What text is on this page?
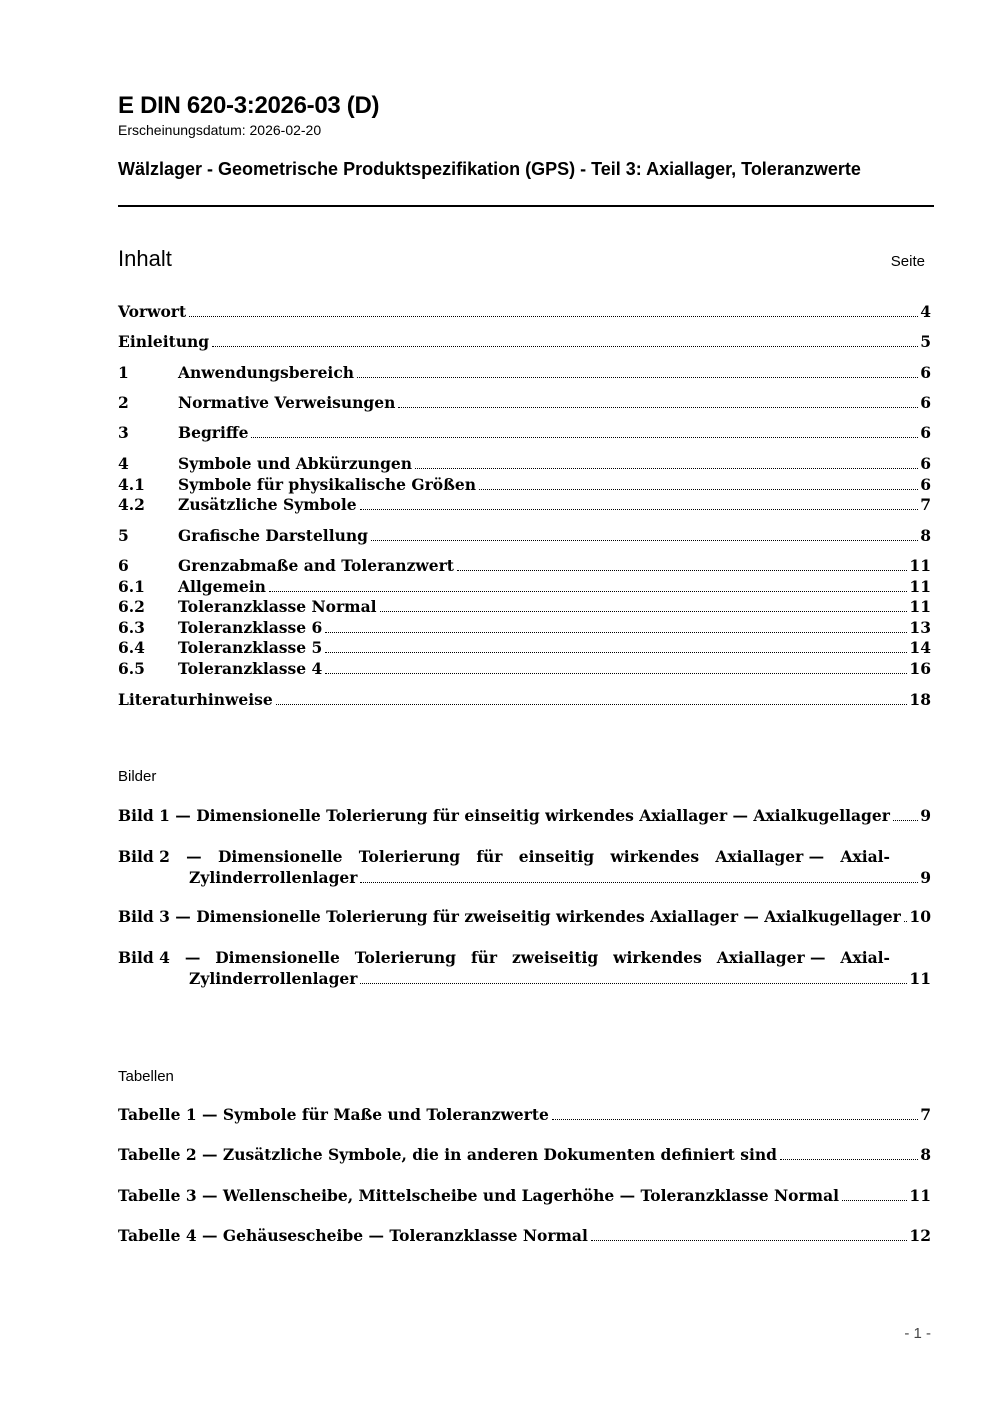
E DIN 620-3:2026-03 (D)
Erscheinungsdatum: 2026-02-20
Wälzlager - Geometrische Produktspezifikation (GPS) - Teil 3: Axiallager, Toleranzwerte
Inhalt	Seite
Vorwort	4
Einleitung	5
1	Anwendungsbereich	6
2	Normative Verweisungen	6
3	Begriffe	6
4	Symbole und Abkürzungen	6
4.1	Symbole für physikalische Größen	6
4.2	Zusätzliche Symbole	7
5	Grafische Darstellung	8
6	Grenzabmaße and Toleranzwert	11
6.1	Allgemein	11
6.2	Toleranzklasse Normal	11
6.3	Toleranzklasse 6	13
6.4	Toleranzklasse 5	14
6.5	Toleranzklasse 4	16
Literaturhinweise	18
Bilder
Bild 1 — Dimensionelle Tolerierung für einseitig wirkendes Axiallager — Axialkugellager 9
Bild 2 — Dimensionelle Tolerierung für einseitig wirkendes Axiallager — Axial-
Zylinderrollenlager	9
Bild 3 — Dimensionelle Tolerierung für zweiseitig wirkendes Axiallager — Axialkugellager 10
Bild 4 — Dimensionelle Tolerierung für zweiseitig wirkendes Axiallager — Axial-
Zylinderrollenlager	11
Tabellen
Tabelle 1 — Symbole für Maße und Toleranzwerte	7
Tabelle 2 — Zusätzliche Symbole, die in anderen Dokumenten definiert sind	8
Tabelle 3 — Wellenscheibe, Mittelscheibe und Lagerhöhe — Toleranzklasse Normal	11
Tabelle 4 — Gehäusescheibe — Toleranzklasse Normal	12
- 1 -
